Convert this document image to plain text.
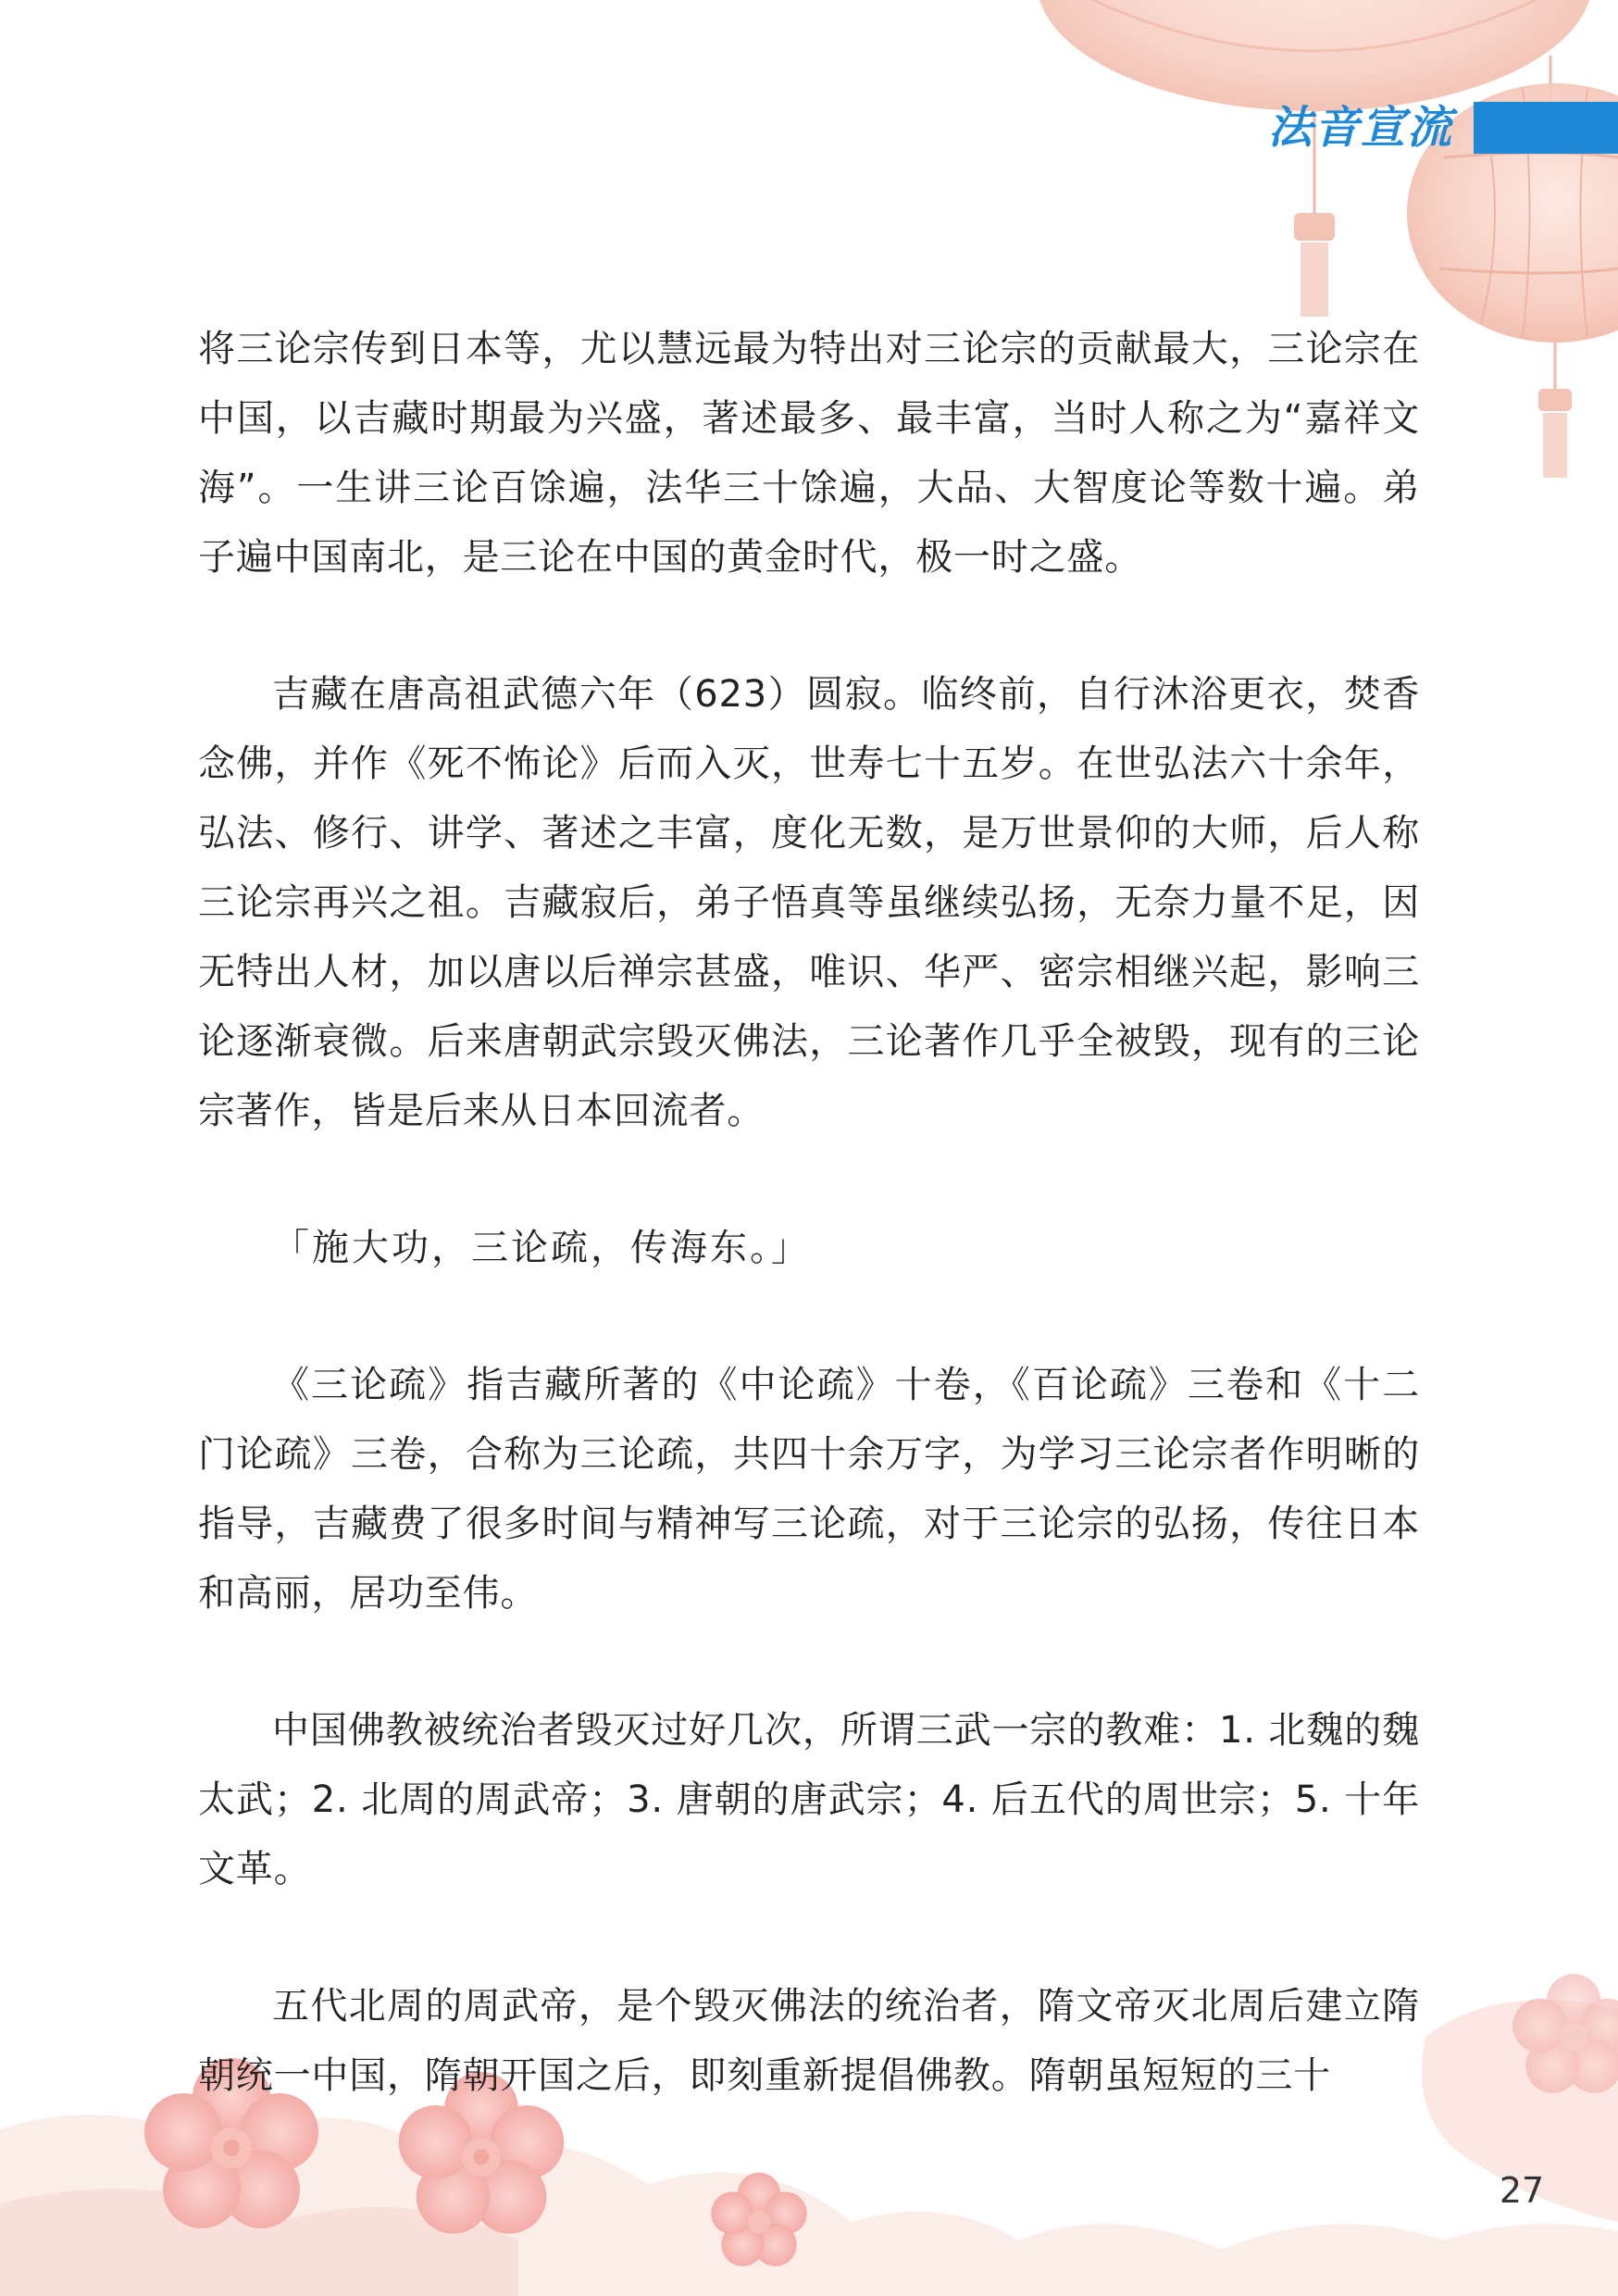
法音宣流

将三论宗传到日本等，尤以慧远最为特出对三论宗的贡献最大，三论宗在中国，以吉藏时期最为兴盛，著述最多、最丰富，当时人称之为“嘉祥文海”。一生讲三论百馀遍，法华三十馀遍，大品、大智度论等数十遍。弟子遍中国南北，是三论在中国的黄金时代，极一时之盛。

吉藏在唐高祖武德六年（623）圆寂。临终前，自行沐浴更衣，焚香念佛，并作《死不怖论》后而入灭，世寿七十五岁。在世弘法六十余年，弘法、修行、讲学、著述之丰富，度化无数，是万世景仰的大师，后人称三论宗再兴之祖。吉藏寂后，弟子悟真等虽继续弘扬，无奈力量不足，因无特出人材，加以唐以后禅宗甚盛，唯识、华严、密宗相继兴起，影响三论逐渐衰微。后来唐朝武宗毁灭佛法，三论著作几乎全被毁，现有的三论宗著作，皆是后来从日本回流者。

「施大功，三论疏，传海东。」

《三论疏》指吉藏所著的《中论疏》十卷，《百论疏》三卷和《十二门论疏》三卷，合称为三论疏，共四十余万字，为学习三论宗者作明晰的指导，吉藏费了很多时间与精神写三论疏，对于三论宗的弘扬，传往日本和高丽，居功至伟。

中国佛教被统治者毁灭过好几次，所谓三武一宗的教难：1. 北魏的魏太武；2. 北周的周武帝；3. 唐朝的唐武宗；4. 后五代的周世宗；5. 十年文革。

五代北周的周武帝，是个毁灭佛法的统治者，隋文帝灭北周后建立隋朝统一中国，隋朝开国之后，即刻重新提倡佛教。隋朝虽短短的三十

27
